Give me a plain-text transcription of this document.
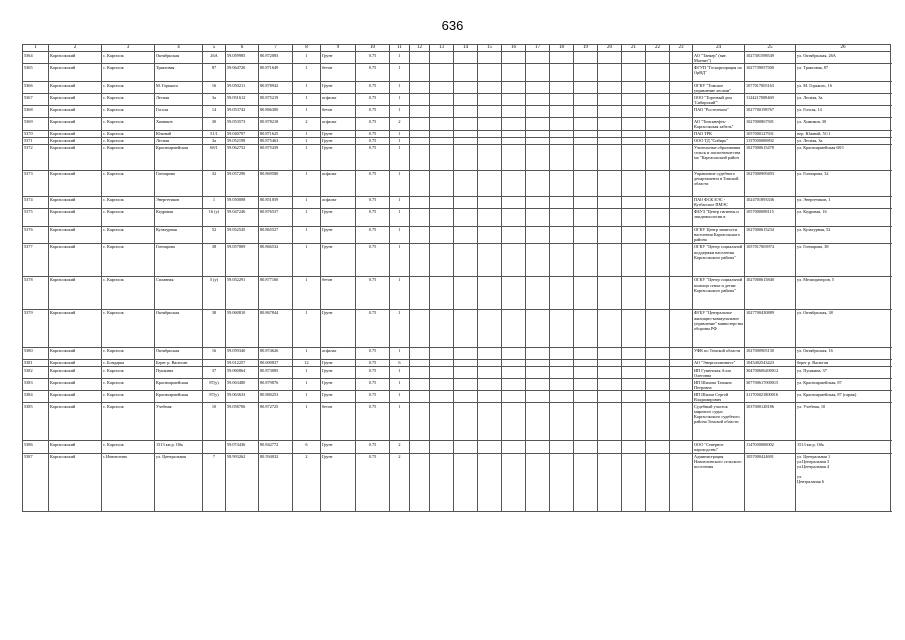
636
1	2	3	4	5	6	7	8	9	10	11	12	13	14	15	16	17	18	19	20	21	22	23	24	25	26	
5364	Каргасокский	с. Каргасок	Октябрьская	26А	59.059985	80.872083	1	Грунт	0.75	1													АО "Танкер" (маг. Магнит")	1027301598549	ул. Октябрьская, 26А	
5365	Каргасокский	с. Каргасок	Трактовая	87	59.064720	80.871649	1	бетон	0.75	1													ФГУП "Госкорпорация по ОрВД"	1027739057500	ул. Трактовая, 87	
5366	Каргасокский	с. Каргасок	М. Горького	16	59.050211	80.878942	1	Грунт	0.75	1													ОГКУ "Томское управление лесами"	1077017005163	ул. М. Горького, 16	
5367	Каргасокский	с. Каргасок	Лесная	3а	59.051612	80.875219	1	асфальт	0.75	1													ООО "Торговый дом 'Сибирский'"	1124217008469	ул. Лесная, 3а	
5368	Каргасокский	с. Каргасок	Гоголя	14	59.053742	80.866300	1	бетон	0.75	1													ПАО "Ростелеком"	1027700198767	ул. Гоголя, 14	
5369	Каргасокский	с. Каргасок	Химиков	30	59.053573	80.878218	2	асфальт	0.75	2													АО "Томскнефть-Каргасокская хабель"	1027000867501	ул. Химиков, 30	
5370	Каргасокский	с. Каргасок	Южный	51/1	59.040797	80.871625	1	Грунт	0.75	1													ПАО ТРК	1057000127931	пер. Южный, 51/1	
5371	Каргасокский	с. Каргасок	Лесная	3а	59.052198	80.875463	1	Грунт	0.75	1													ООО ТД "Сибирь"	1157000000892	ул. Лесная, 3а	
5372	Каргасокский	с. Каргасок	Красноармейская	68/1	59.062752	80.875439	1	Грунт	0.75	1													Учительные образования сельск и лиспотпешества мо "Каргасокский район	1027000615478	ул. Красноармейская 68/1	
5373	Каргасокский	с. Каргасок	Гончарова	32	59.057290	80.869580	1	асфальт	0.75	1													Управление судебного департамента в Томской области	1027000909493	ул. Гончарова, 32	
5374	Каргасокский	с. Каргасок	Энергетиков	1	59.050008	80.851059	1	асфальт	0.75	1													ПАО ФСК ЕЭС - Кузбасское ПМЭС	1024701893336	ул. Энергетиков, 1	
5375	Каргасокский	с. Каргасок	Кедровая	16 (у)	59.047246	80.876537	1	Грунт	0.75	1													ФБУЗ "Центр гигиены и эпидемиологии в	1057000088115	ул. Кедровая, 16	
5376	Каргасокский	с. Каргасок	Культурная	52	59.052545	80.865527	1	Грунт	0.75	1													ОГКУ Центр занятости населения Каргасокского района	1027000615234	ул. Культурная, 52	
5377	Каргасокский	с. Каргасок	Гончарова	38	59.057809	80.866532	1	Грунт	0.75	1													ОГКУ "Центр социальной поддержки населения Каргасокского района"	1057017003974	ул. Гончарова, 38	
5378	Каргасокский	с. Каргасок	Сплавная	5 (у)	59.052291	80.877160	1	бетон	0.75	1													ОГКУ "Центр социальной помощи семье и детям Каргасокского района"	1027000615840	ул. Мелиораторов, 5	
5379	Каргасокский	с. Каргасок	Октябрьская	38	59.060810	80.867844	1	Грунт	0.75	1													ФГБУ "Центральное жилищно-коммунальное управление" министерства обороны РФ	1027700430889	ул. Октябрьская, 38	
5380	Каргасокский	с. Каргасок	Октябрьская	16	59.059340	80.874626	1	асфальт	0.75	1													УФК по Томской области	1027000905130	ул. Октябрьская, 16	
5381	Каргасокский	с. Бондарка	Берег р. Васюган		59.012257	80.690837	12	Грунт	0.75	6													АО "Энергогазинвест"	1045402543423	берег р. Васюган	
5382	Каргасокский	с. Каргасок	Пушкина	37	59.060864	80.873085	1	Грунт	0.75	1													ИП Гуменская Алла Олеговна	304700606200012	ул. Пушкина, 37	
5383	Каргасокский	с. Каргасок	Красноармейская	87(у)	59.063480	80.879876	1	Грунт	0.75	1													ИП Шилова Татьяна Петровна	307700617000015	ул. Красноармейская, 87	
5384	Каргасокский	с. Каргасок	Красноармейская	87(у)	59.063633	80.880253	1	Грунт	0.75	1													ИП Шилов Сергей Владимирович	311700021800016	ул. Красноармейская, 87 (гараж)	
5385	Каргасокский	с. Каргасок	Учебная	10	59.058706	80.872725	1	бетон	0.75	1													Судебный участок мирового судьи Каргасокского судебного района Томской области	1037000128186	ул. Учебная, 10	
5386	Каргасокский	с. Каргасок	1513 км р. Обь		59.074436	80.842772	6	Грунт	0.75	2													ООО "Северное пароходство"	1147000000002	1513 км р. Обь	
5387	Каргасокский	с.Новоюгино	ул. Центральная	7	58.993262	80.594032	2	Грунт	0.75	2													Администрация Новоюгинского сельского поселения	1057000424691	ул. Центральная 1
ул.Центральная 3
ул.Центральная 4

ул.
Центральная 6	
